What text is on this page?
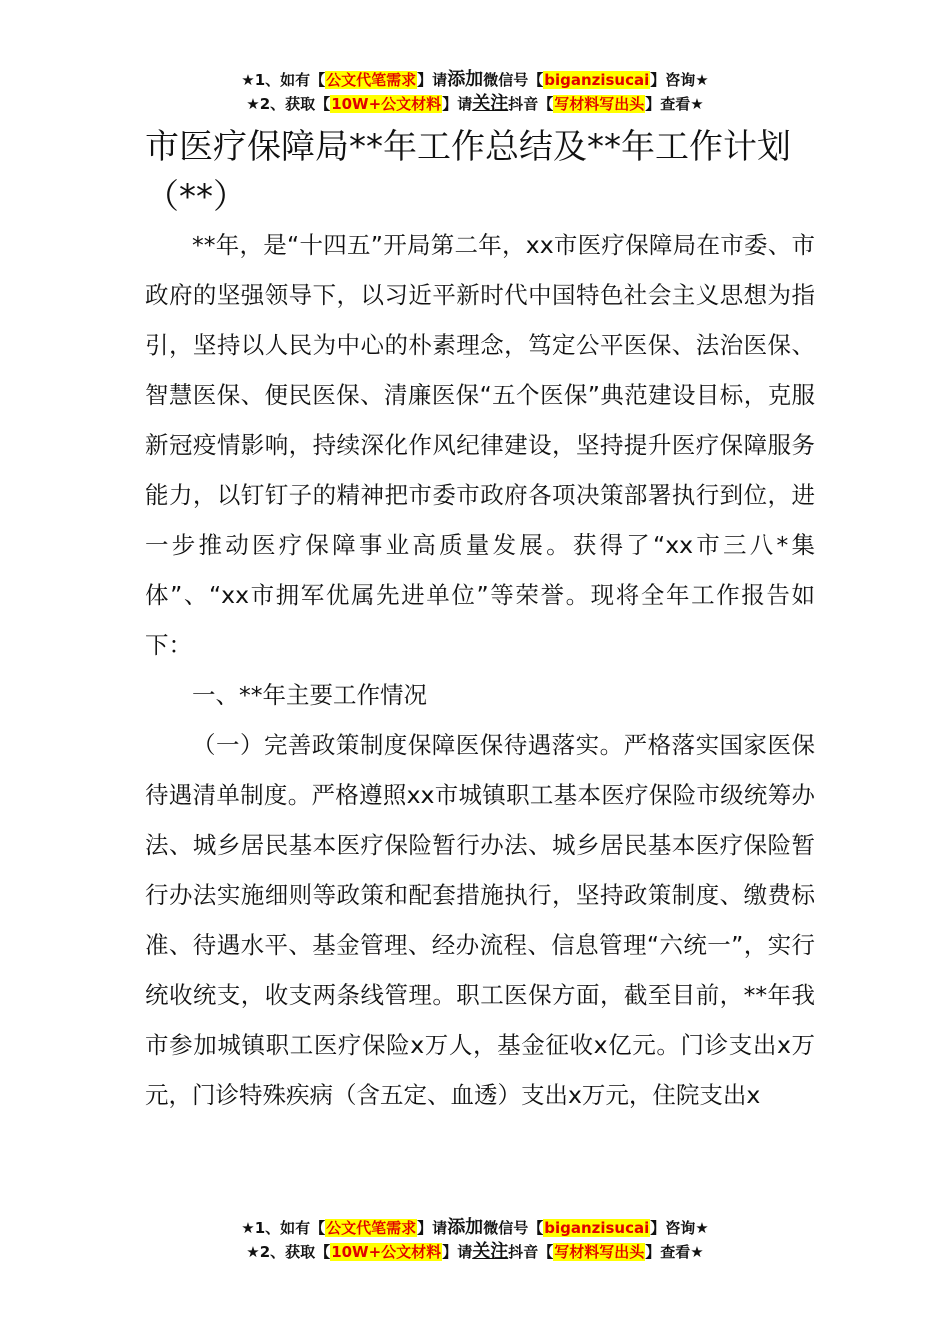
★1、如有【公文代笔需求】请添加微信号【biganzisucai】咨询★
★2、获取【10W+公文材料】请关注抖音【写材料写出头】查看★
市医疗保障局**年工作总结及**年工作计划（**）

**年，是“十四五”开局第二年，xx市医疗保障局在市委、市政府的坚强领导下，以习近平新时代中国特色社会主义思想为指引，坚持以人民为中心的朴素理念，笃定公平医保、法治医保、智慧医保、便民医保、清廉医保“五个医保”典范建设目标，克服新冠疫情影响，持续深化作风纪律建设，坚持提升医疗保障服务能力，以钉钉子的精神把市委市政府各项决策部署执行到位，进一步推动医疗保障事业高质量发展。获得了“xx市三八*集体”、“xx市拥军优属先进单位”等荣誉。现将全年工作报告如下：

一、**年主要工作情况

（一）完善政策制度保障医保待遇落实。严格落实国家医保待遇清单制度。严格遵照xx市城镇职工基本医疗保险市级统筹办法、城乡居民基本医疗保险暂行办法、城乡居民基本医疗保险暂行办法实施细则等政策和配套措施执行，坚持政策制度、缴费标准、待遇水平、基金管理、经办流程、信息管理“六统一”，实行统收统支，收支两条线管理。职工医保方面，截至目前，**年我市参加城镇职工医疗保险x万人，基金征收x亿元。门诊支出x万元，门诊特殊疾病（含五定、血透）支出x万元，住院支出x

★1、如有【公文代笔需求】请添加微信号【biganzisucai】咨询★
★2、获取【10W+公文材料】请关注抖音【写材料写出头】查看★
